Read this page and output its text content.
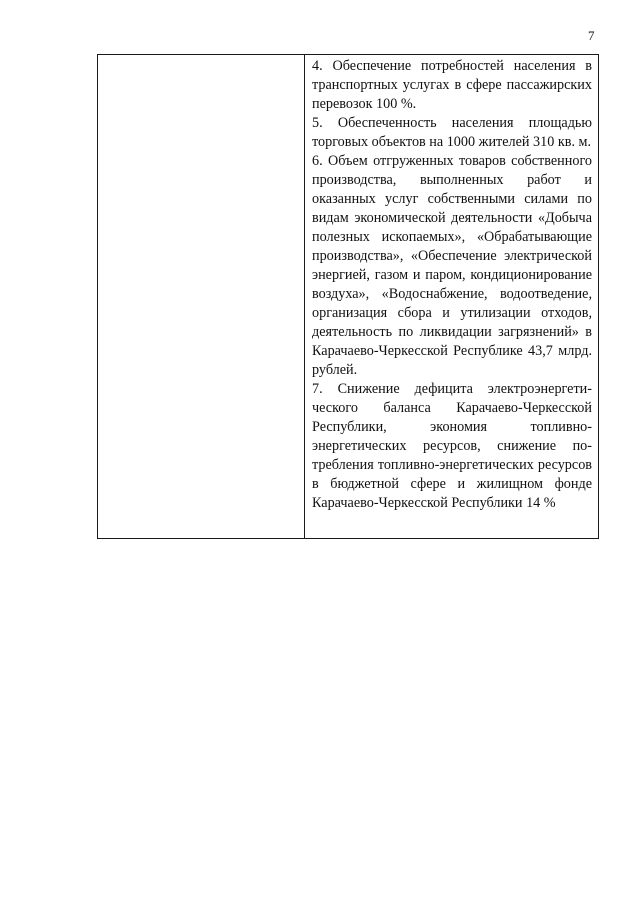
7

4. Обеспечение потребностей населения в транспортных услугах в сфере пассажирских перевозок 100 %.

5. Обеспеченность населения площадью торговых объектов на 1000 жителей 310 кв. м.

6. Объем отгруженных товаров собственного производства, выполненных работ и оказанных услуг собственными силами по видам экономической деятельности «Добыча полезных ископаемых», «Обрабатывающие производства», «Обеспечение электрической энергией, газом и паром, кондиционирование воздуха», «Водоснабжение, водоотведение, организация сбора и утилизации отходов, деятельность по ликвидации загрязнений» в Карачаево-Черкесской Республике 43,7 млрд. рублей.

7. Снижение дефицита электроэнергетического баланса Карачаево-Черкесской Республики, экономия топливно-энергетических ресурсов, снижение потребления топливно-энергетических ресурсов в бюджетной сфере и жилищном фонде Карачаево-Черкесской Республики 14 %
